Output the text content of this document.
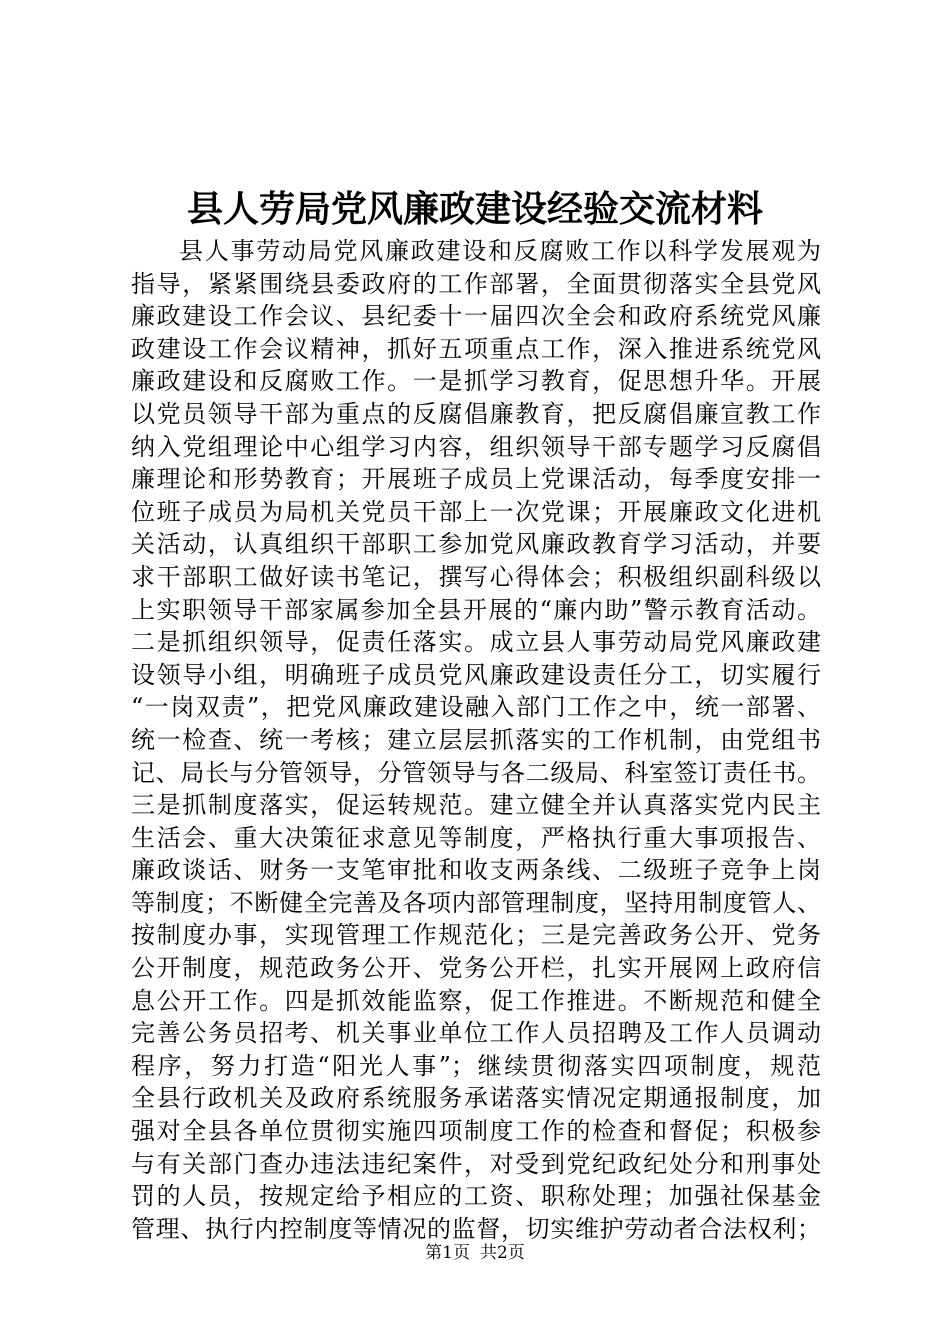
县人劳局党风廉政建设经验交流材料
县人事劳动局党风廉政建设和反腐败工作以科学发展观为
指导，紧紧围绕县委政府的工作部署，全面贯彻落实全县党风
廉政建设工作会议、县纪委十一届四次全会和政府系统党风廉
政建设工作会议精神，抓好五项重点工作，深入推进系统党风
廉政建设和反腐败工作。一是抓学习教育，促思想升华。开展
以党员领导干部为重点的反腐倡廉教育，把反腐倡廉宣教工作
纳入党组理论中心组学习内容，组织领导干部专题学习反腐倡
廉理论和形势教育；开展班子成员上党课活动，每季度安排一
位班子成员为局机关党员干部上一次党课；开展廉政文化进机
关活动，认真组织干部职工参加党风廉政教育学习活动，并要
求干部职工做好读书笔记，撰写心得体会；积极组织副科级以
上实职领导干部家属参加全县开展的“廉内助”警示教育活动。
二是抓组织领导，促责任落实。成立县人事劳动局党风廉政建
设领导小组，明确班子成员党风廉政建设责任分工，切实履行
“一岗双责”，把党风廉政建设融入部门工作之中，统一部署、
统一检查、统一考核；建立层层抓落实的工作机制，由党组书
记、局长与分管领导，分管领导与各二级局、科室签订责任书。
三是抓制度落实，促运转规范。建立健全并认真落实党内民主
生活会、重大决策征求意见等制度，严格执行重大事项报告、
廉政谈话、财务一支笔审批和收支两条线、二级班子竞争上岗
等制度；不断健全完善及各项内部管理制度，坚持用制度管人、
按制度办事，实现管理工作规范化；三是完善政务公开、党务
公开制度，规范政务公开、党务公开栏，扎实开展网上政府信
息公开工作。四是抓效能监察，促工作推进。不断规范和健全
完善公务员招考、机关事业单位工作人员招聘及工作人员调动
程序，努力打造“阳光人事”；继续贯彻落实四项制度，规范
全县行政机关及政府系统服务承诺落实情况定期通报制度，加
强对全县各单位贯彻实施四项制度工作的检查和督促；积极参
与有关部门查办违法违纪案件，对受到党纪政纪处分和刑事处
罚的人员，按规定给予相应的工资、职称处理；加强社保基金
管理、执行内控制度等情况的监督，切实维护劳动者合法权利；
第1页 共2页
